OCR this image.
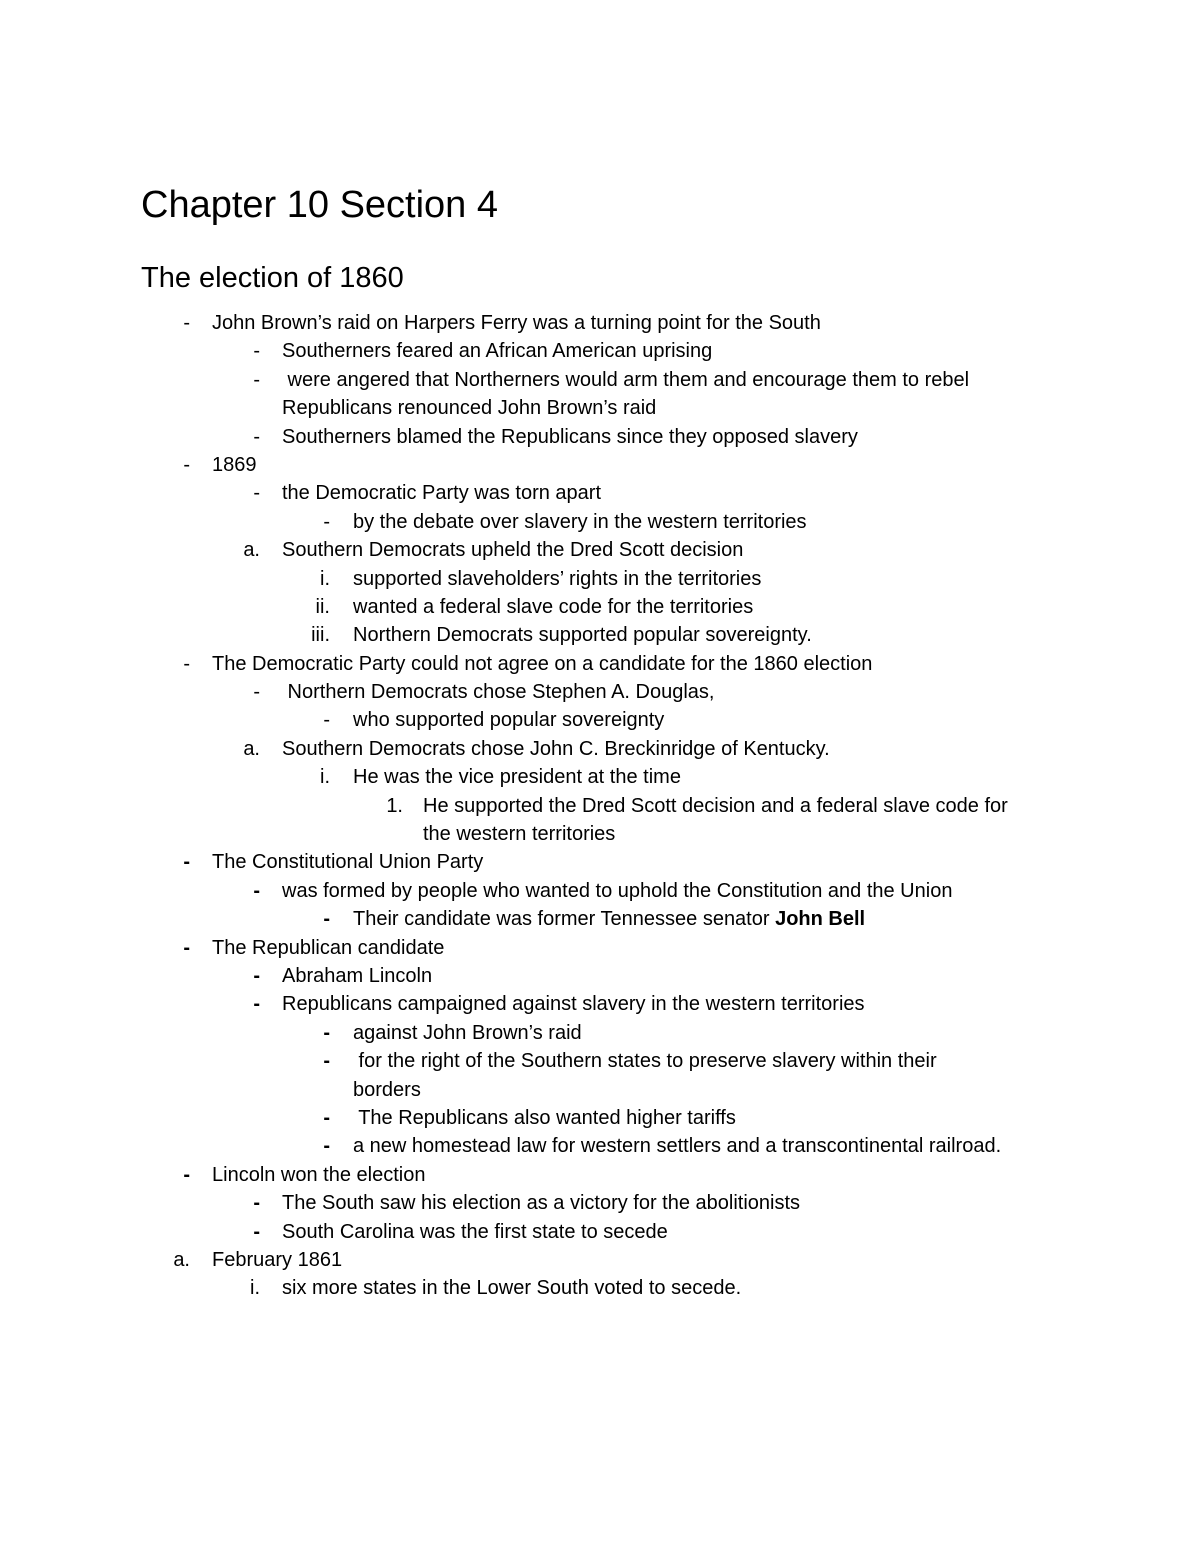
Chapter 10 Section 4
The election of 1860
- John Brown’s raid on Harpers Ferry was a turning point for the South
- Southerners feared an African American uprising
- were angered that Northerners would arm them and encourage them to rebel
Republicans renounced John Brown’s raid
- Southerners blamed the Republicans since they opposed slavery
- 1869
- the Democratic Party was torn apart
- by the debate over slavery in the western territories
a. Southern Democrats upheld the Dred Scott decision
i. supported slaveholders’ rights in the territories
ii. wanted a federal slave code for the territories
iii. Northern Democrats supported popular sovereignty.
- The Democratic Party could not agree on a candidate for the 1860 election
- Northern Democrats chose Stephen A. Douglas,
- who supported popular sovereignty
a. Southern Democrats chose John C. Breckinridge of Kentucky.
i. He was the vice president at the time
1. He supported the Dred Scott decision and a federal slave code for
the western territories
- The Constitutional Union Party
- was formed by people who wanted to uphold the Constitution and the Union
- Their candidate was former Tennessee senator John Bell
- The Republican candidate
- Abraham Lincoln
- Republicans campaigned against slavery in the western territories
- against John Brown’s raid
- for the right of the Southern states to preserve slavery within their
borders
- The Republicans also wanted higher tariffs
- a new homestead law for western settlers and a transcontinental railroad.
- Lincoln won the election
- The South saw his election as a victory for the abolitionists
- South Carolina was the first state to secede
a. February 1861
i. six more states in the Lower South voted to secede.
